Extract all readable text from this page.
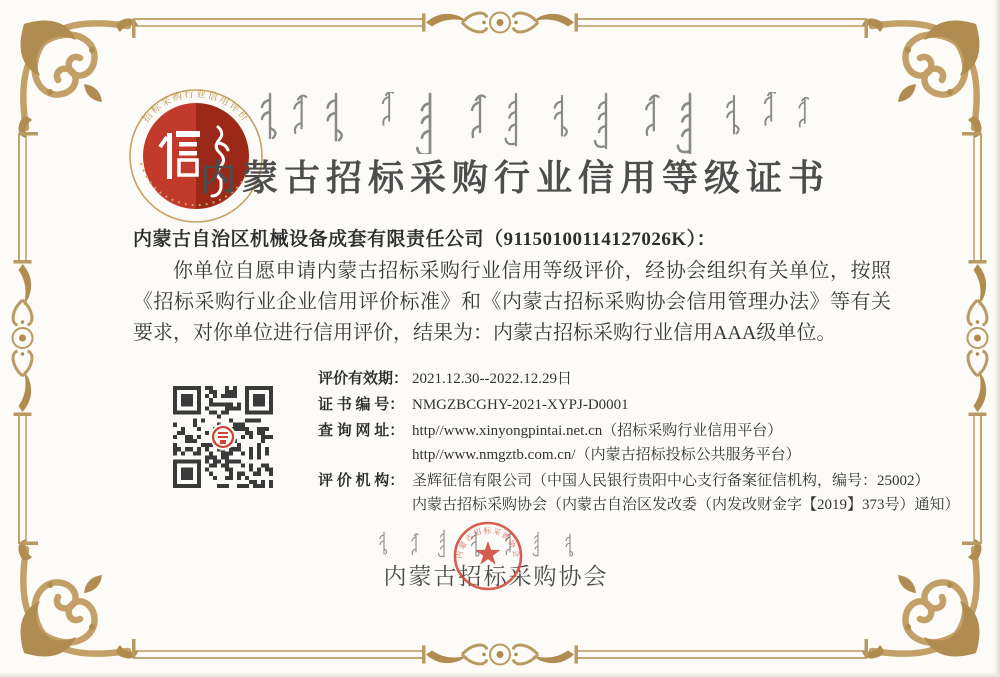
招标采购行业信用评价
内蒙古招标采购行业信用等级证书
内蒙古自治区机械设备成套有限责任公司（91150100114127026K）：
你单位自愿申请内蒙古招标采购行业信用等级评价，经协会组织有关单位，按照《招标采购行业企业信用评价标准》和《内蒙古招标采购协会信用管理办法》等有关要求，对你单位进行信用评价，结果为：内蒙古招标采购行业信用AAA级单位。
评价有效期： 2021.12.30--2022.12.29日
证 书 编 号： NMGZBCGHY-2021-XYPJ-D0001
查 询 网 址： http//www.xinyongpintai.net.cn（招标采购行业信用平台）
http//www.nmgztb.com.cn/（内蒙古招标投标公共服务平台）
评 价 机 构： 圣辉征信有限公司（中国人民银行贵阳中心支行备案征信机构，编号：25002）
内蒙古招标采购协会（内蒙古自治区发改委（内发改财金字【2019】373号）通知）
内蒙古招标采购协会
内蒙古招标采购协会
